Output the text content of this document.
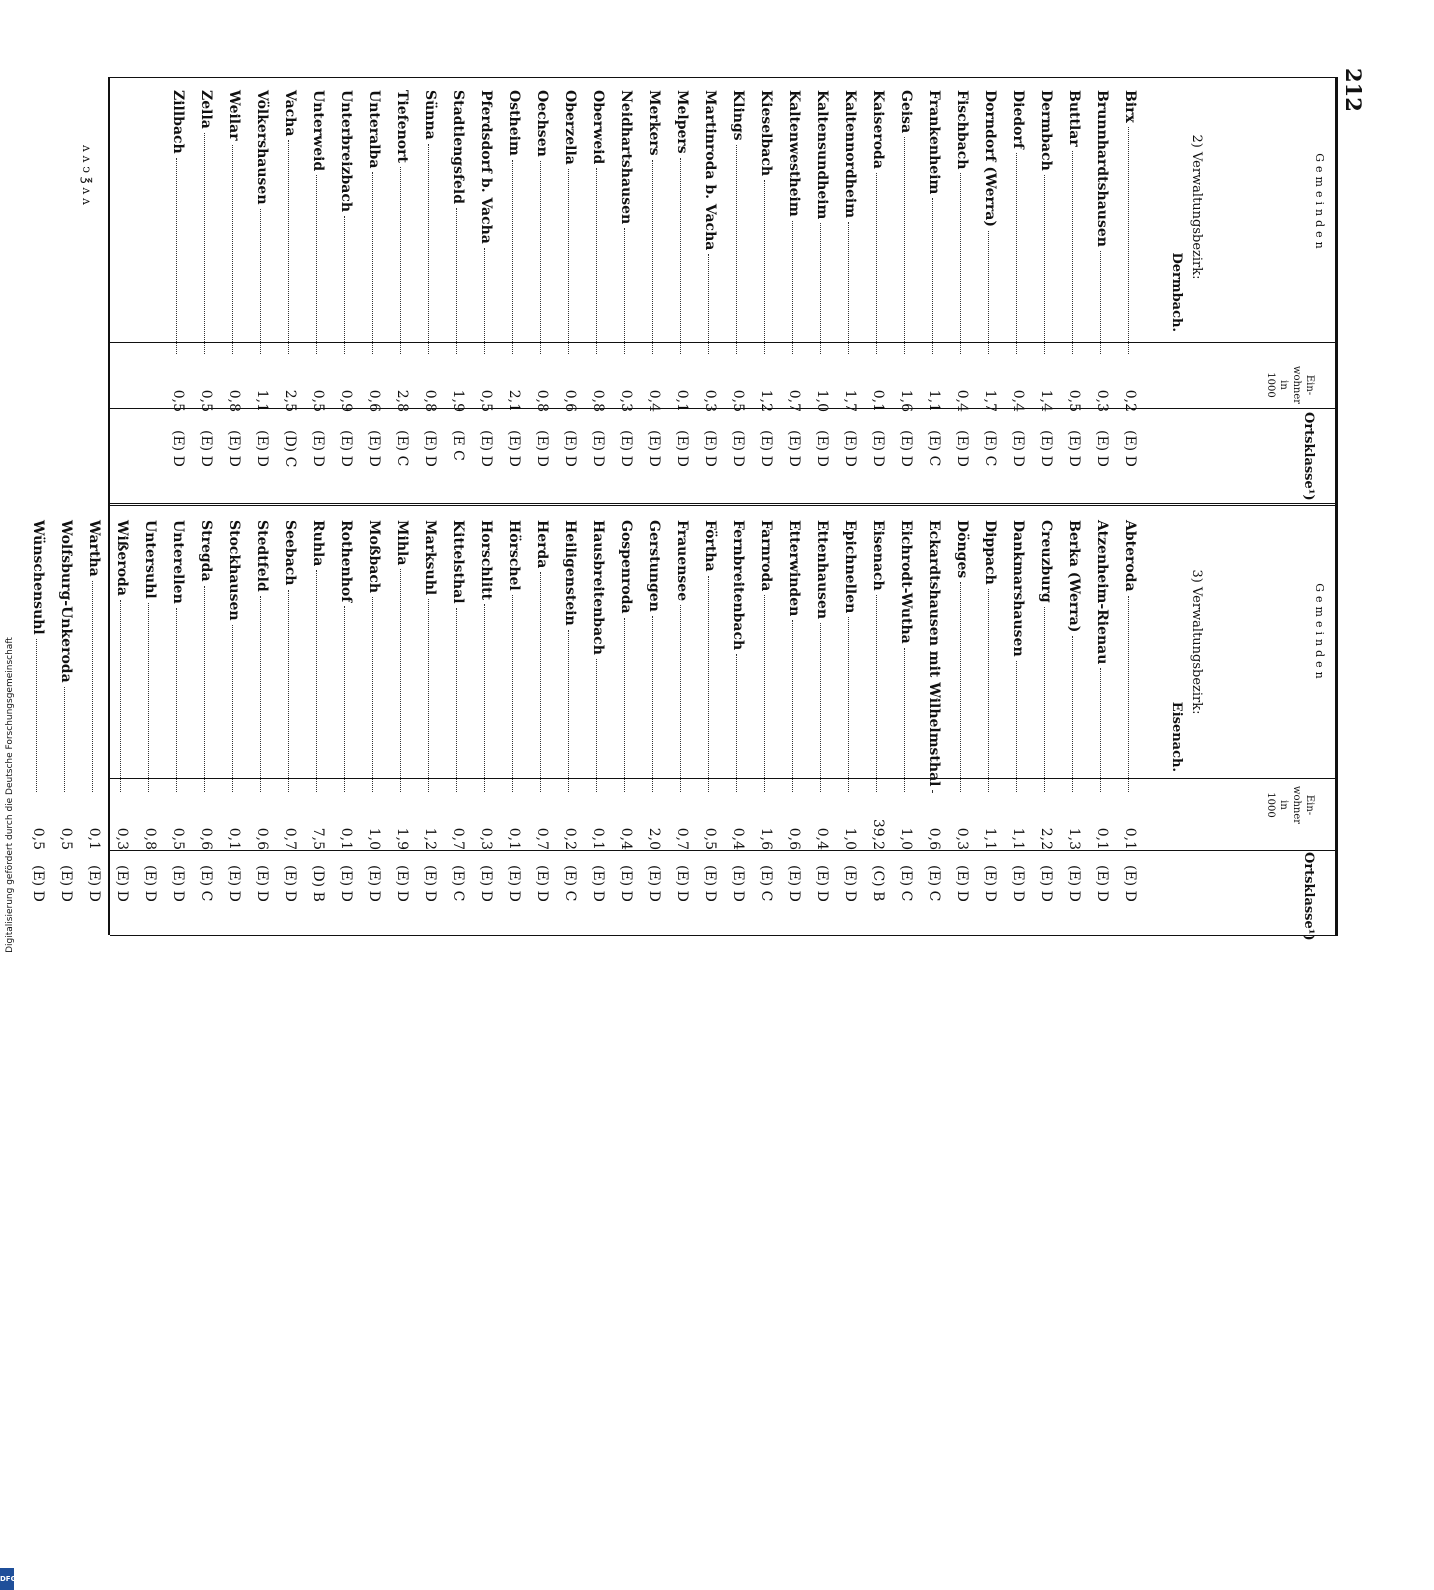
212
Gemeinden
Ein-
wohner
in
1000
Ortsklasse¹)
Gemeinden
Ein-
wohner
in
1000
Ortsklasse¹)
2) Verwaltungsbezirk:
Dermbach.
3) Verwaltungsbezirk:
Eisenach.
Birx
0,2
(E) D
Brunnhardtshausen
0,3
(E) D
Buttlar
0,5
(E) D
Dermbach
1,4
(E) D
Diedorf
0,4
(E) D
Dorndorf (Werra)
1,7
(E) C
Fischbach
0,4
(E) D
Frankenheim
1,1
(E) C
Geisa
1,6
(E) D
Kaiseroda
0,1
(E) D
Kaltennordheim
1,7
(E) D
Kaltensundheim
1,0
(E) D
Kaltenwestheim
0,7
(E) D
Kieselbach
1,2
(E) D
Klings
0,5
(E) D
Martinroda b. Vacha
0,3
(E) D
Melpers
0,1
(E) D
Merkers
0,4
(E) D
Neidhartshausen
0,3
(E) D
Oberweid
0,8
(E) D
Oberzella
0,6
(E) D
Oechsen
0,8
(E) D
Ostheim
2,1
(E) D
Pferdsdorf b. Vacha
0,5
(E) D
Stadtlengsfeld
1,9
(E C
Sünna
0,8
(E) D
Tiefenort
2,8
(E) C
Unteralba
0,6
(E) D
Unterbreizbach
0,9
(E) D
Unterweid
0,5
(E) D
Vacha
2,5
(D) C
Völkershausen
1,1
(E) D
Weilar
0,8
(E) D
Zella
0,5
(E) D
Zillbach
0,5
(E) D
Abteroda
0,1
(E) D
Atzenheim-Rienau
0,1
(E) D
Berka (Werra)
1,3
(E) D
Creuzburg
2,2
(E) D
Dankmarshausen
1,1
(E) D
Dippach
1,1
(E) D
Dönges
0,3
(E) D
Eckardtshausen mit Wilhelmsthal
0,6
(E) C
Eichrodt-Wutha
1,0
(E) C
Eisenach
39,2
(C) B
Epichnellen
1,0
(E) D
Ettenhausen
0,4
(E) D
Etterwinden
0,6
(E) D
Farnroda
1,6
(E) C
Fernbreitenbach
0,4
(E) D
Förtha
0,5
(E) D
Frauensee
0,7
(E) D
Gerstungen
2,0
(E) D
Gospenroda
0,4
(E) D
Hausbreitenbach
0,1
(E) D
Heiligenstein
0,2
(E) C
Herda
0,7
(E) D
Hörschel
0,1
(E) D
Horschlitt
0,3
(E) D
Kittelsthal
0,7
(E) C
Marksuhl
1,2
(E) D
Mihla
1,9
(E) D
Moßbach
1,0
(E) D
Rothenhof
0,1
(E) D
Ruhla
7,5
(D) B
Seebach
0,7
(E) D
Stedtfeld
0,6
(E) D
Stockhausen
0,1
(E) D
Stregda
0,6
(E) C
Unterellen
0,5
(E) D
Untersuhl
0,8
(E) D
Wißeroda
0,3
(E) D
Wartha
0,1
(E) D
Wolfsburg-Unkeroda
0,5
(E) D
Wünschensuhl
0,5
(E) D
ᴧ ᴧ ↄ ℥ ᴧ ᴧ
Digitalisierung gefördert durch die Deutsche Forschungsgemeinschaft
DFG
